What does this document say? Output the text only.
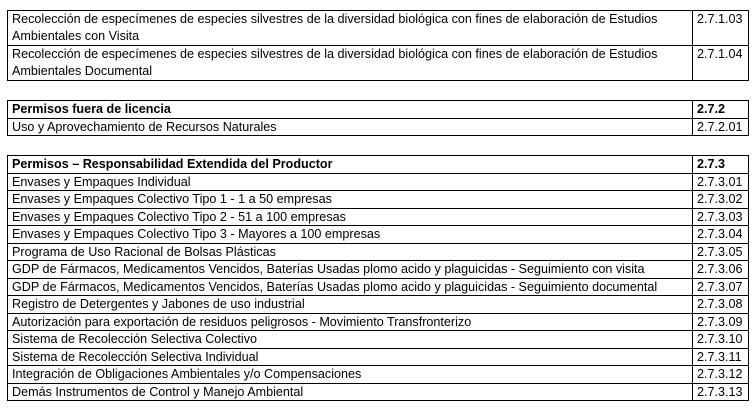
Recolección de especímenes de especies silvestres de la diversidad biológica con fines de elaboración de Estudios Ambientales con Visita	2.7.1.03
Recolección de especímenes de especies silvestres de la diversidad biológica con fines de elaboración de Estudios Ambientales Documental	2.7.1.04
Permisos fuera de licencia	2.7.2
Uso y Aprovechamiento de Recursos Naturales	2.7.2.01
Permisos – Responsabilidad Extendida del Productor	2.7.3
Envases y Empaques Individual	2.7.3.01
Envases y Empaques Colectivo Tipo 1 - 1 a 50 empresas	2.7.3.02
Envases y Empaques Colectivo Tipo 2 - 51 a 100 empresas	2.7.3.03
Envases y Empaques Colectivo Tipo 3 - Mayores a 100 empresas	2.7.3.04
Programa de Uso Racional de Bolsas Plásticas	2.7.3.05
GDP de Fármacos, Medicamentos Vencidos, Baterías Usadas plomo acido y plaguicidas - Seguimiento con visita	2.7.3.06
GDP de Fármacos, Medicamentos Vencidos, Baterías Usadas plomo acido y plaguicidas - Seguimiento documental	2.7.3.07
Registro de Detergentes y Jabones de uso industrial	2.7.3.08
Autorización para exportación de residuos peligrosos - Movimiento Transfronterizo	2.7.3.09
Sistema de Recolección Selectiva Colectivo	2.7.3.10
Sistema de Recolección Selectiva Individual	2.7.3.11
Integración de Obligaciones Ambientales y/o Compensaciones	2.7.3.12
Demás Instrumentos de Control y Manejo Ambiental	2.7.3.13
